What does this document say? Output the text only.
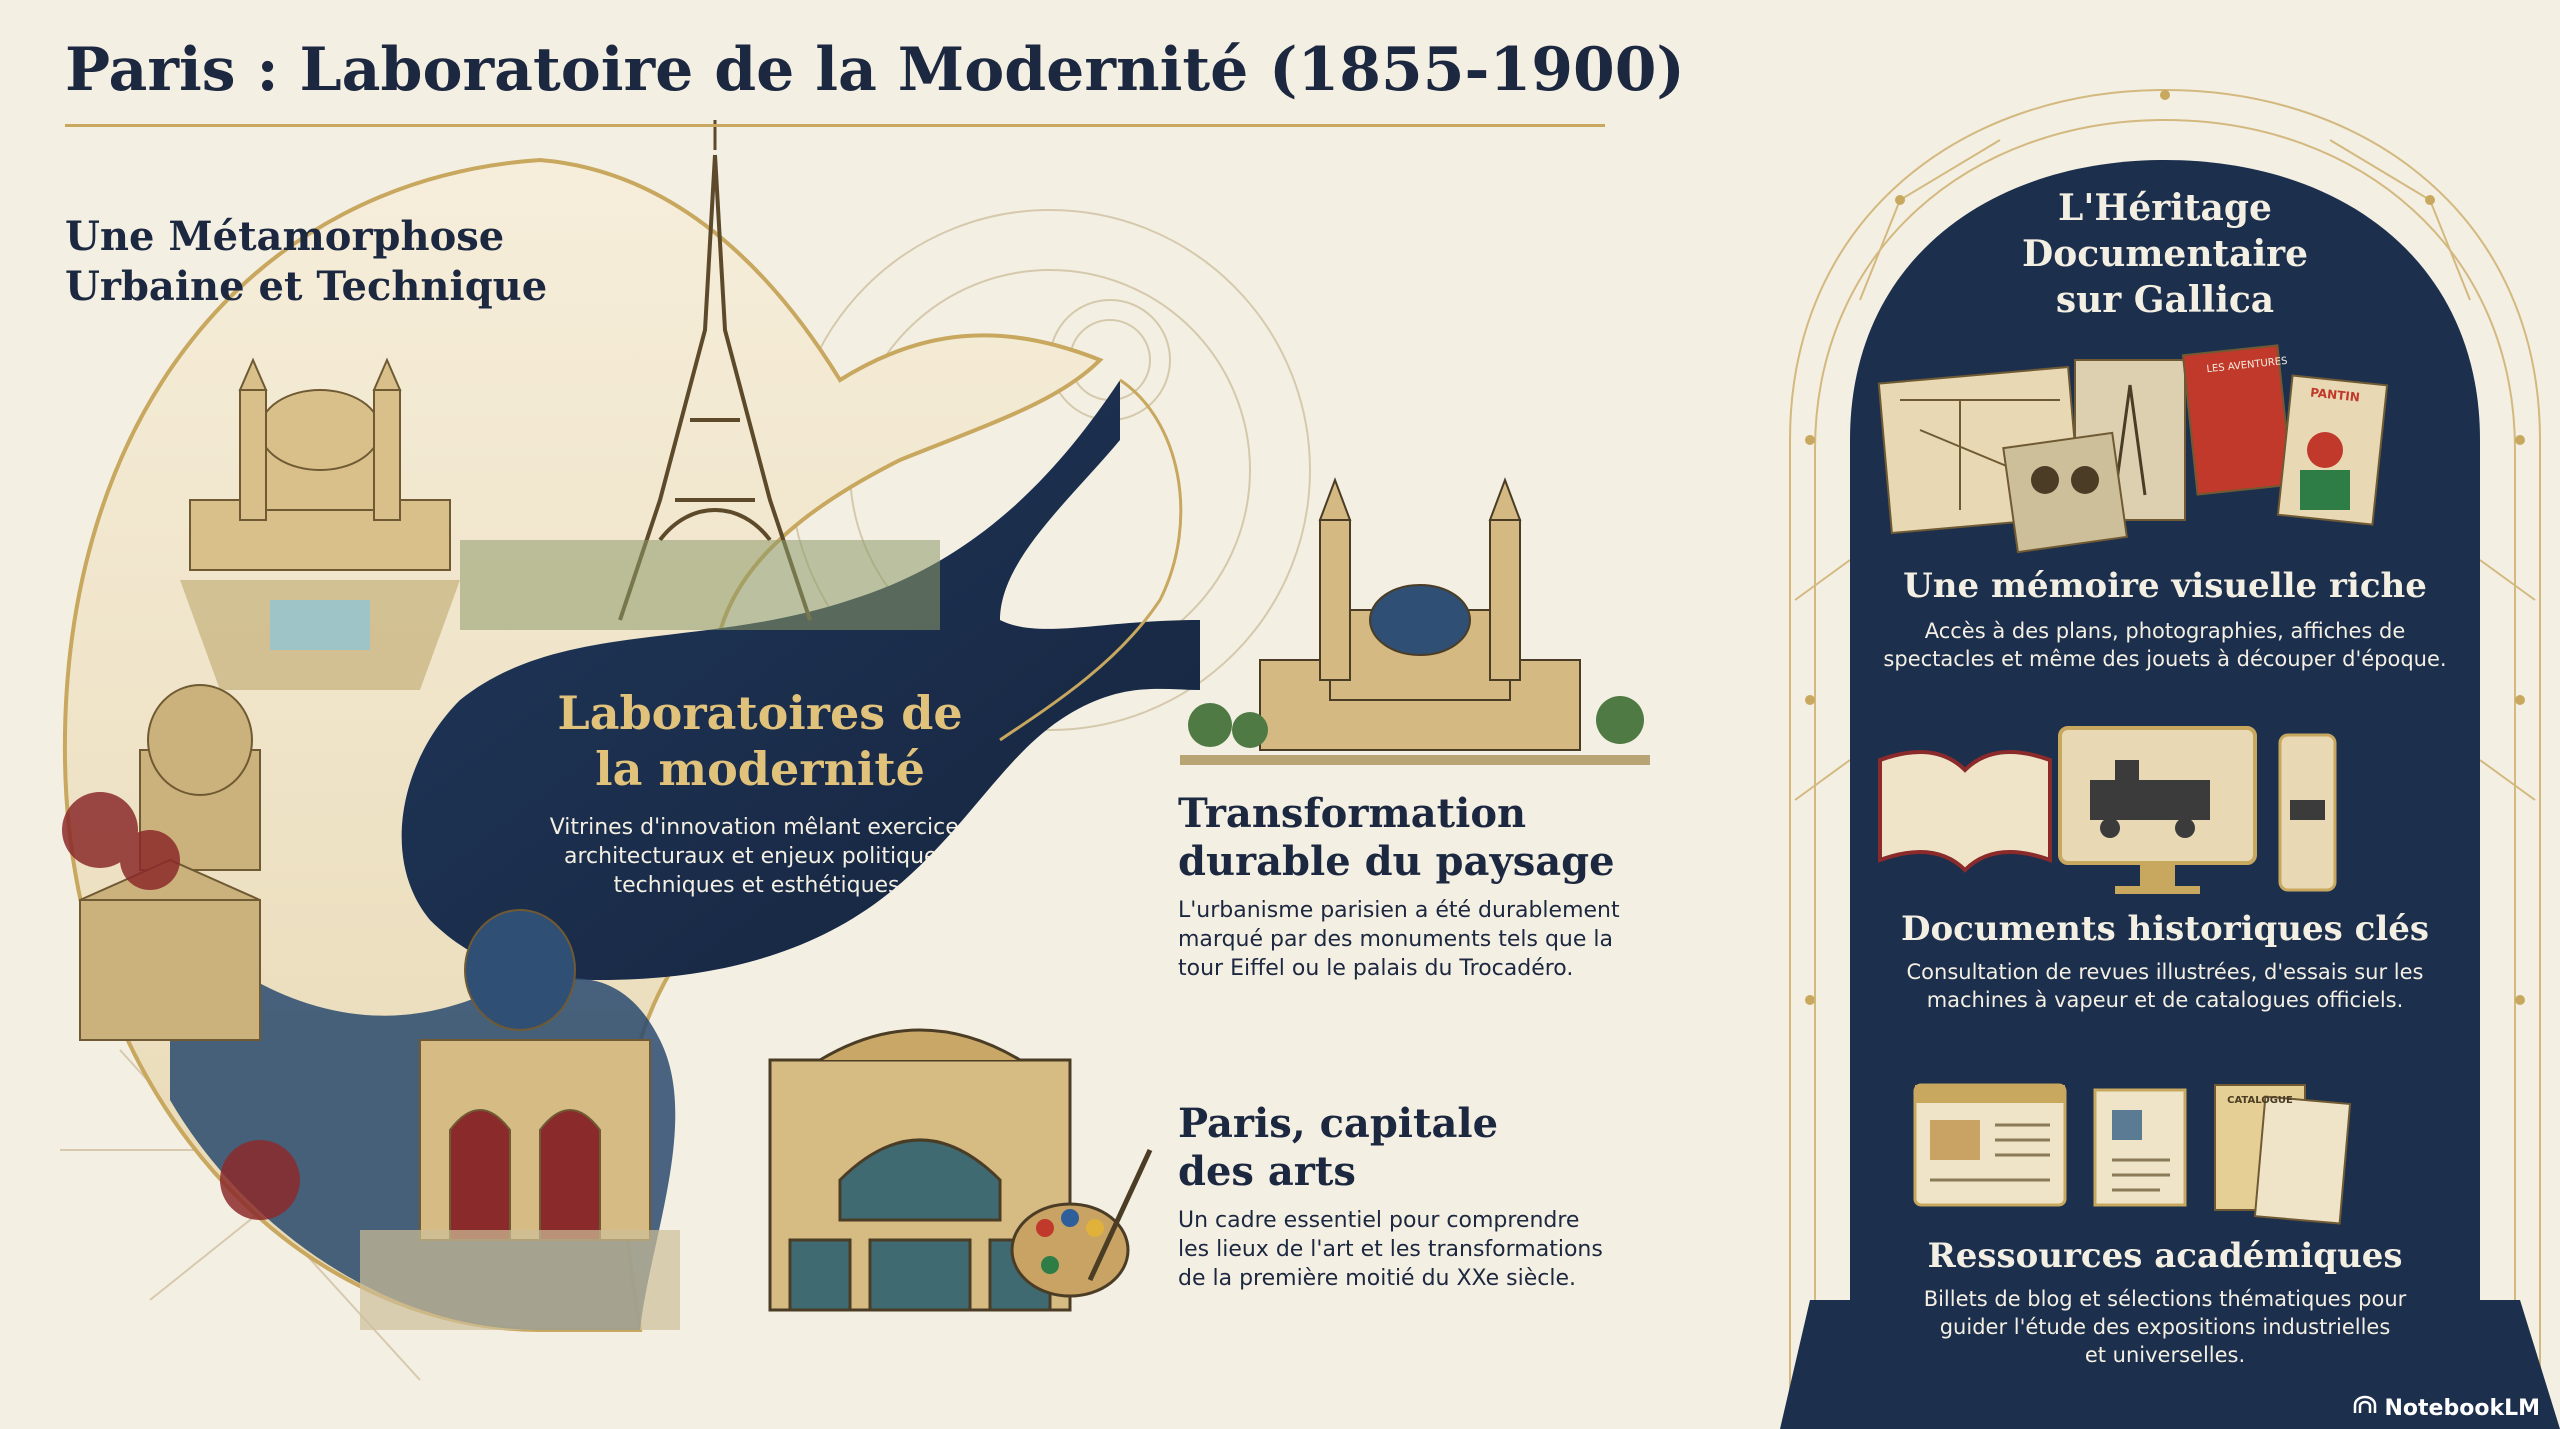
Paris : Laboratoire de la Modernité (1855-1900)
Une Métamorphose
Urbaine et Technique
Laboratoires de
la modernité

Vitrines d'innovation mêlant exercices
architecturaux et enjeux politiques,
techniques et esthétiques.

Transformation
durable du paysage

L'urbanisme parisien a été durablement
marqué par des monuments tels que la
tour Eiffel ou le palais du Trocadéro.

Paris, capitale
des arts

Un cadre essentiel pour comprendre
les lieux de l'art et les transformations
de la première moitié du XXe siècle.

L'Héritage
Documentaire
sur Gallica
LES AVENTURES
PANTIN
Une mémoire visuelle riche

Accès à des plans, photographies, affiches de
spectacles et même des jouets à découper d'époque.

Documents historiques clés

Consultation de revues illustrées, d'essais sur les
machines à vapeur et de catalogues officiels.

CATALOGUE
Ressources académiques

Billets de blog et sélections thématiques pour
guider l'étude des expositions industrielles
et universelles.

NotebookLM
